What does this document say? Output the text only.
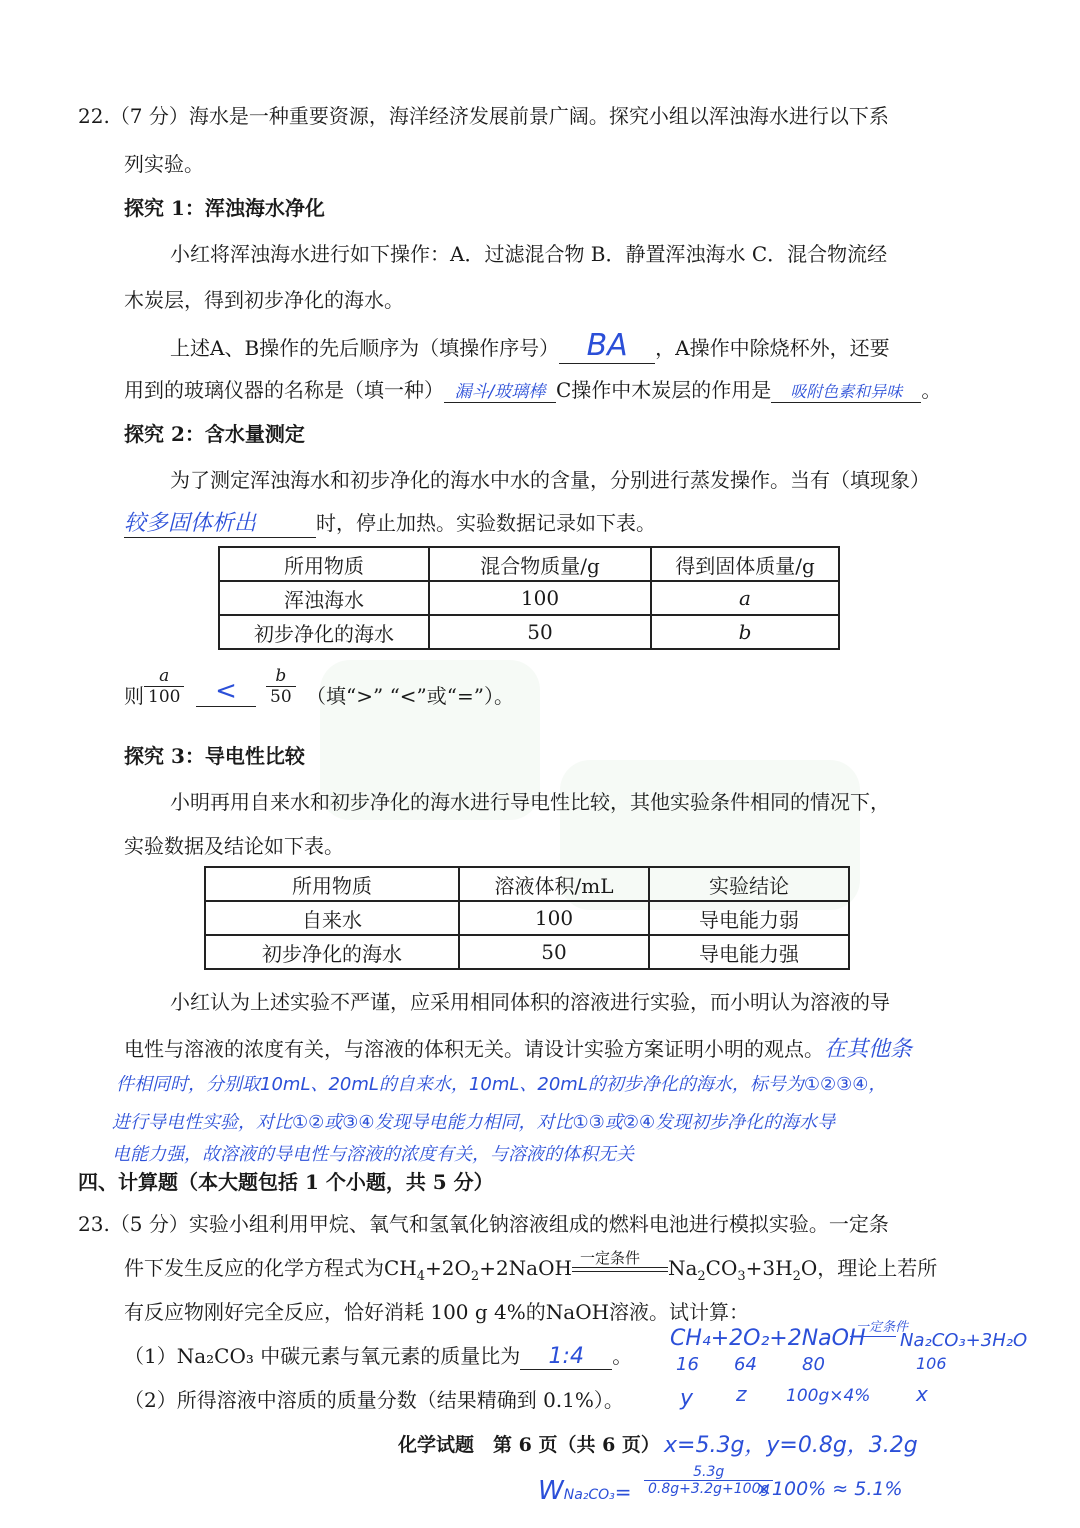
22.（7 分）海水是一种重要资源，海洋经济发展前景广阔。探究小组以浑浊海水进行以下系
列实验。
探究 1：浑浊海水净化
小红将浑浊海水进行如下操作：A．过滤混合物 B．静置浑浊海水 C．混合物流经
木炭层，得到初步净化的海水。
上述A、B操作的先后顺序为（填操作序号） BA ，A操作中除烧杯外，还要
用到的玻璃仪器的名称是（填一种） 漏斗/玻璃棒 C操作中木炭层的作用是 吸附色素和异味 。
探究 2：含水量测定
为了测定浑浊海水和初步净化的海水中水的含量，分别进行蒸发操作。当有（填现象）
较多固体析出	时，停止加热。实验数据记录如下表。
所用物质	混合物质量/g	得到固体质量/g
浑浊海水	100	a
初步净化的海水	50	b
则 $\frac{a}{100}$	<	$\frac{b}{50}$ （填“>” “<”或“=”）。
探究 3：导电性比较
小明再用自来水和初步净化的海水进行导电性比较，其他实验条件相同的情况下，
实验数据及结论如下表。
所用物质	溶液体积/mL	实验结论
自来水	100	导电能力弱
初步净化的海水	50	导电能力强
小红认为上述实验不严谨，应采用相同体积的溶液进行实验，而小明认为溶液的导
电性与溶液的浓度有关，与溶液的体积无关。请设计实验方案证明小明的观点。在其他条
件相同时，分别取10mL、20mL的自来水，10mL、20mL的初步净化的海水，标号为①②③④，
进行导电性实验，对比①②或③④发现导电能力相同，对比①③或②④发现初步净化的海水导
电能力强，故溶液的导电性与溶液的浓度有关，与溶液的体积无关
四、计算题（本大题包括 1 个小题，共 5 分）
23.（5 分）实验小组利用甲烷、氧气和氢氧化钠溶液组成的燃料电池进行模拟实验。一定条
件下发生反应的化学方程式为$CH_4+2O_2+2NaOH$ 一定条件 $Na_2CO_3+3H_2O$，理论上若所
有反应物刚好完全反应，恰好消耗 100 g 4%的NaOH溶液。试计算：
（1）Na₂CO₃ 中碳元素与氧元素的质量比为 1:4 。
（2）所得溶液中溶质的质量分数（结果精确到 0.1%）。
CH₄+2O₂+2NaOH
一定条件
Na₂CO₃+3H₂O
16 64	80	106
y z 100g×4% x
化学试题　第 6 页（共 6 页） x=5.3g，y=0.8g，3.2g
$WNa_2CO_3= \frac{5.3g}{0.8g+3.2g+100g}$
×100% ≈ 5.1%
